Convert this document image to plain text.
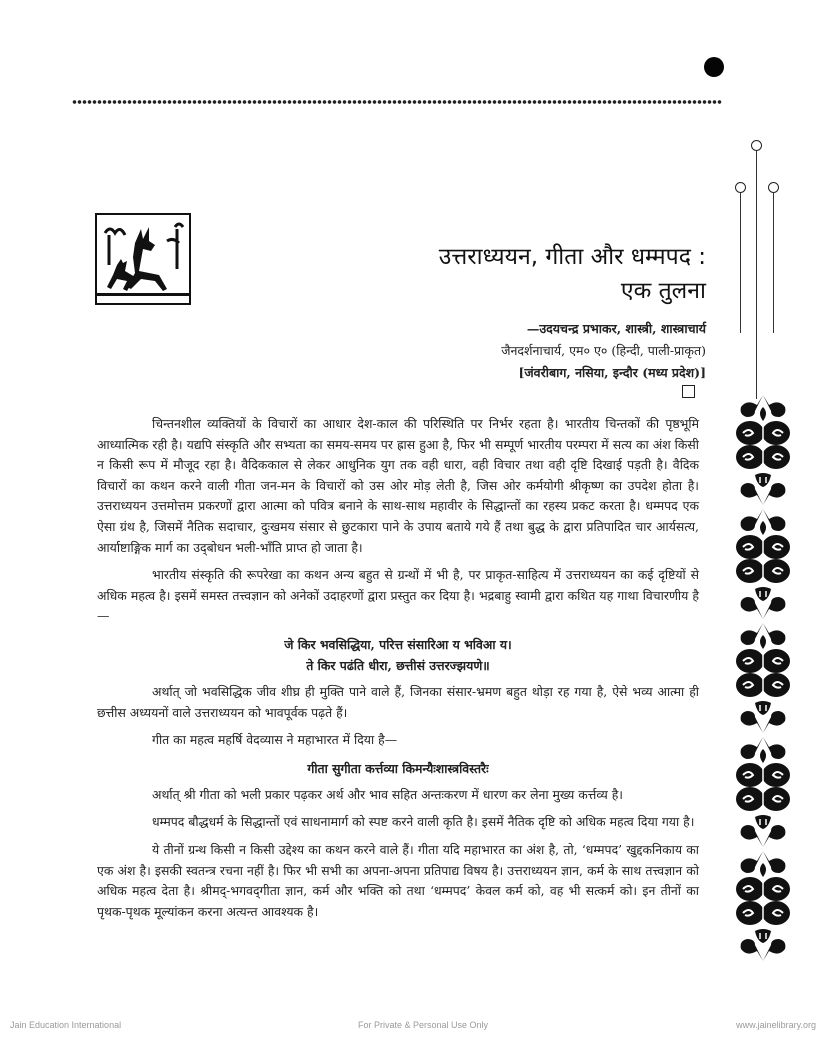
उत्तराध्ययन, गीता और धम्मपद :
एक तुलना
—उदयचन्द्र प्रभाकर, शास्त्री, शास्त्राचार्य
जैनदर्शनाचार्य, एम० ए० (हिन्दी, पाली-प्राकृत)
[जंवरीबाग, नसिया, इन्दौर (मध्य प्रदेश)]

चिन्तनशील व्यक्तियों के विचारों का आधार देश-काल की परिस्थिति पर निर्भर रहता है। भारतीय चिन्तकों की पृष्ठभूमि आध्यात्मिक रही है। यद्यपि संस्कृति और सभ्यता का समय-समय पर ह्रास हुआ है, फिर भी सम्पूर्ण भारतीय परम्परा में सत्य का अंश किसी न किसी रूप में मौजूद रहा है। वैदिककाल से लेकर आधुनिक युग तक वही धारा, वही विचार तथा वही दृष्टि दिखाई पड़ती है। वैदिक विचारों का कथन करने वाली गीता जन-मन के विचारों को उस ओर मोड़ लेती है, जिस ओर कर्मयोगी श्रीकृष्ण का उपदेश होता है। उत्तराध्ययन उत्तमोत्तम प्रकरणों द्वारा आत्मा को पवित्र बनाने के साथ-साथ महावीर के सिद्धान्तों का रहस्य प्रकट करता है। धम्मपद एक ऐसा ग्रंथ है, जिसमें नैतिक सदाचार, दुःखमय संसार से छुटकारा पाने के उपाय बताये गये हैं तथा बुद्ध के द्वारा प्रतिपादित चार आर्यसत्य, आर्याष्टाङ्गिक मार्ग का उद्‌बोधन भली-भाँति प्राप्त हो जाता है।

भारतीय संस्कृति की रूपरेखा का कथन अन्य बहुत से ग्रन्थों में भी है, पर प्राकृत-साहित्य में उत्तराध्ययन का कई दृष्टियों से अधिक महत्व है। इसमें समस्त तत्त्वज्ञान को अनेकों उदाहरणों द्वारा प्रस्तुत कर दिया है। भद्रबाहु स्वामी द्वारा कथित यह गाथा विचारणीय है—

जे किर भवसिद्धिया, परित्त संसारिआ य भविआ य।
ते किर पढंति धीरा, छत्तीसं उत्तरज्झयणे॥

अर्थात् जो भवसिद्धिक जीव शीघ्र ही मुक्ति पाने वाले हैं, जिनका संसार-भ्रमण बहुत थोड़ा रह गया है, ऐसे भव्य आत्मा ही छत्तीस अध्ययनों वाले उत्तराध्ययन को भावपूर्वक पढ़ते हैं।

गीत का महत्व महर्षि वेदव्यास ने महाभारत में दिया है—

गीता सुगीता कर्त्तव्या किमन्यैःशास्त्रविस्तरैः

अर्थात् श्री गीता को भली प्रकार पढ़कर अर्थ और भाव सहित अन्तःकरण में धारण कर लेना मुख्य कर्त्तव्य है।

धम्मपद बौद्धधर्म के सिद्धान्तों एवं साधनामार्ग को स्पष्ट करने वाली कृति है। इसमें नैतिक दृष्टि को अधिक महत्व दिया गया है।

ये तीनों ग्रन्थ किसी न किसी उद्देश्य का कथन करने वाले हैं। गीता यदि महाभारत का अंश है, तो, ‘धम्मपद’ खुद्दकनिकाय का एक अंश है। इसकी स्वतन्त्र रचना नहीं है। फिर भी सभी का अपना-अपना प्रतिपाद्य विषय है। उत्तराध्ययन ज्ञान, कर्म के साथ तत्त्वज्ञान को अधिक महत्व देता है। श्रीमद्-भगवद्‌गीता ज्ञान, कर्म और भक्ति को तथा ‘धम्मपद’ केवल कर्म को, वह भी सत्कर्म को। इन तीनों का पृथक-पृथक मूल्यांकन करना अत्यन्त आवश्यक है।

Jain Education International	For Private & Personal Use Only	www.jainelibrary.org
